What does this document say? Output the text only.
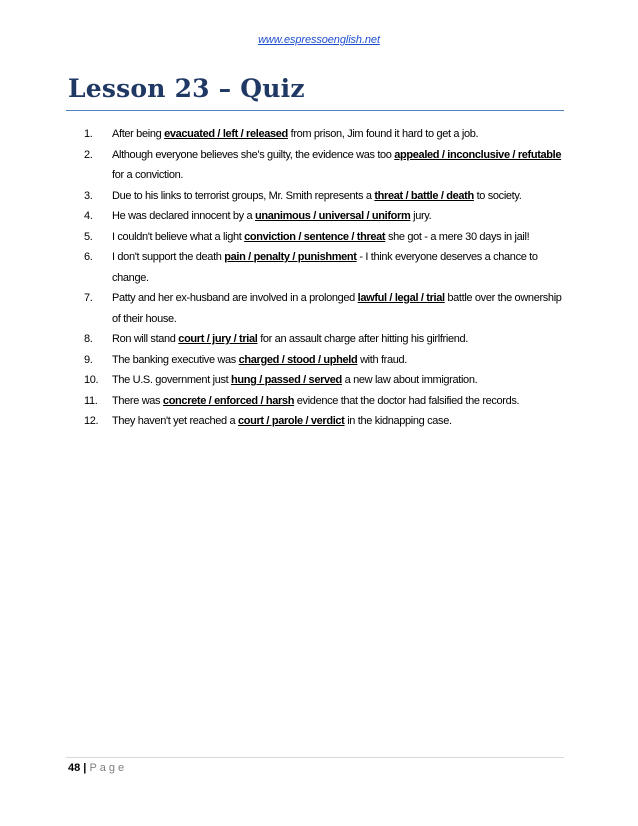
www.espressoenglish.net
Lesson 23 – Quiz
1.	After being evacuated / left / released from prison, Jim found it hard to get a job.
2.	Although everyone believes she's guilty, the evidence was too appealed / inconclusive / refutable for a conviction.
3.	Due to his links to terrorist groups, Mr. Smith represents a threat / battle / death to society.
4.	He was declared innocent by a unanimous / universal / uniform jury.
5.	I couldn't believe what a light conviction / sentence / threat she got - a mere 30 days in jail!
6.	I don't support the death pain / penalty / punishment - I think everyone deserves a chance to change.
7.	Patty and her ex-husband are involved in a prolonged lawful / legal / trial battle over the ownership of their house.
8.	Ron will stand court / jury / trial for an assault charge after hitting his girlfriend.
9.	The banking executive was charged / stood / upheld with fraud.
10.	The U.S. government just hung / passed / served a new law about immigration.
11.	There was concrete / enforced / harsh evidence that the doctor had falsified the records.
12.	They haven't yet reached a court / parole / verdict in the kidnapping case.
48 | Page
